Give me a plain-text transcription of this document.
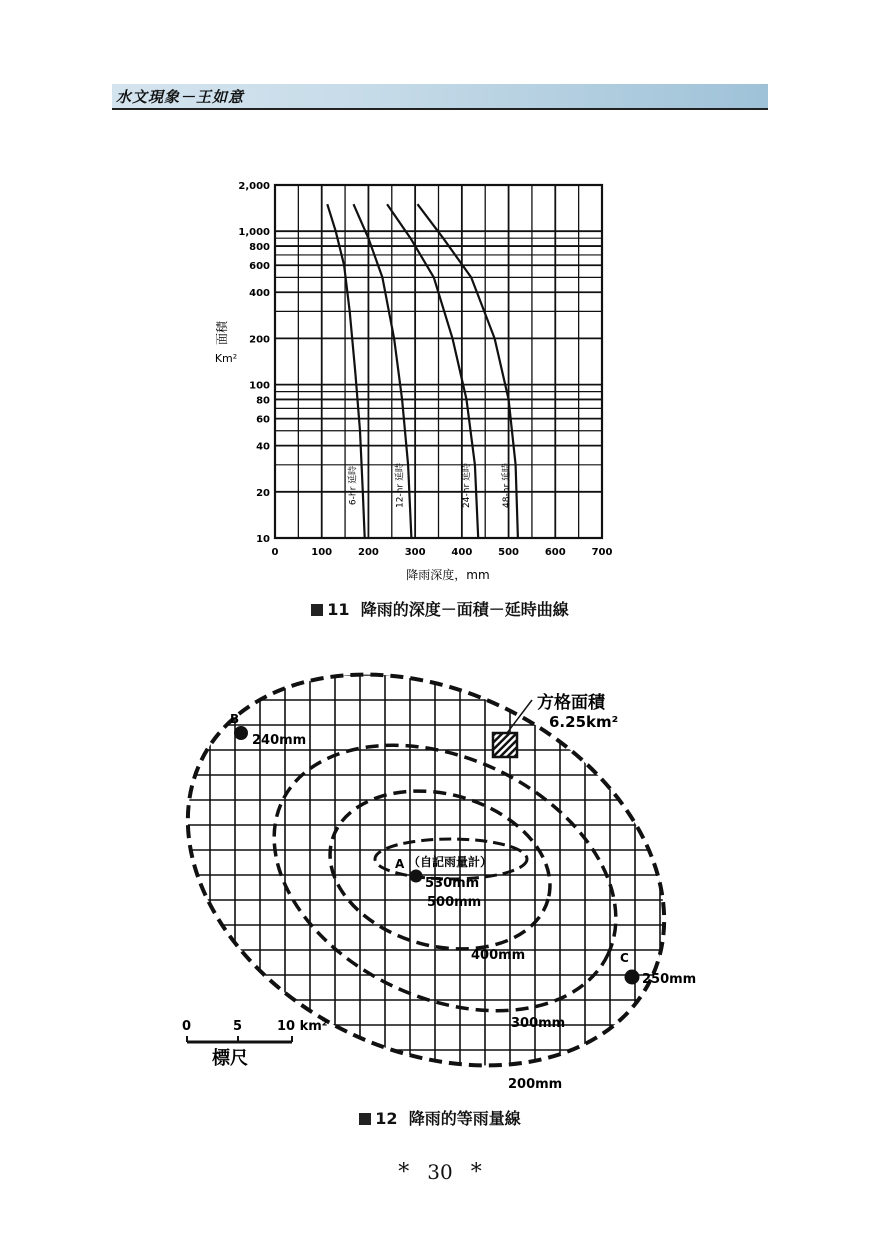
水文現象－王如意
0	100	200	300	400	500	600	700
2,000
1,000
800
600
400
200
100
80
60
40
20
10
6-hr 延時	12-hr 延時	24-hr 延時	48-hr 延時
面積
Km²
降雨深度，mm
11 降雨的深度－面積－延時曲線
方格面積
6.25km²
A （自記雨量計）
530mm
B
240mm
C
250mm
500mm
400mm
300mm
200mm
0	5	10 km²
標尺
12 降雨的等雨量線
* 30 *
